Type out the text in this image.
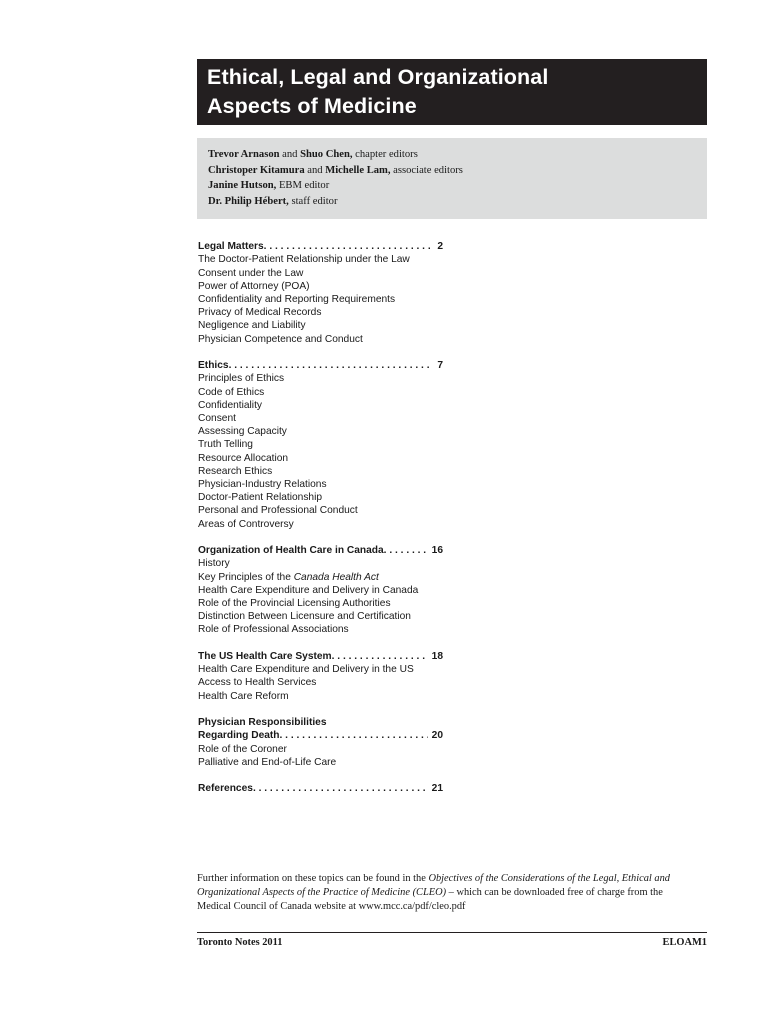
Ethical, Legal and Organizational
Aspects of Medicine
Trevor Arnason and Shuo Chen, chapter editors
Christoper Kitamura and Michelle Lam, associate editors
Janine Hutson, EBM editor
Dr. Philip Hébert, staff editor
Legal Matters . . .	2
The Doctor-Patient Relationship under the Law
Consent under the Law
Power of Attorney (POA)
Confidentiality and Reporting Requirements
Privacy of Medical Records
Negligence and Liability
Physician Competence and Conduct
Ethics . . .	7
Principles of Ethics
Code of Ethics
Confidentiality
Consent
Assessing Capacity
Truth Telling
Resource Allocation
Research Ethics
Physician-Industry Relations
Doctor-Patient Relationship
Personal and Professional Conduct
Areas of Controversy
Organization of Health Care in Canada . . .	16
History
Key Principles of the Canada Health Act
Health Care Expenditure and Delivery in Canada
Role of the Provincial Licensing Authorities
Distinction Between Licensure and Certification
Role of Professional Associations
The US Health Care System . . .	18
Health Care Expenditure and Delivery in the US
Access to Health Services
Health Care Reform
Physician Responsibilities
Regarding Death . . .	20
Role of the Coroner
Palliative and End-of-Life Care
References . . .	21
Further information on these topics can be found in the Objectives of the Considerations of the Legal, Ethical and
Organizational Aspects of the Practice of Medicine (CLEO) – which can be downloaded free of charge from the
Medical Council of Canada website at www.mcc.ca/pdf/cleo.pdf
Toronto Notes 2011	ELOAM1
